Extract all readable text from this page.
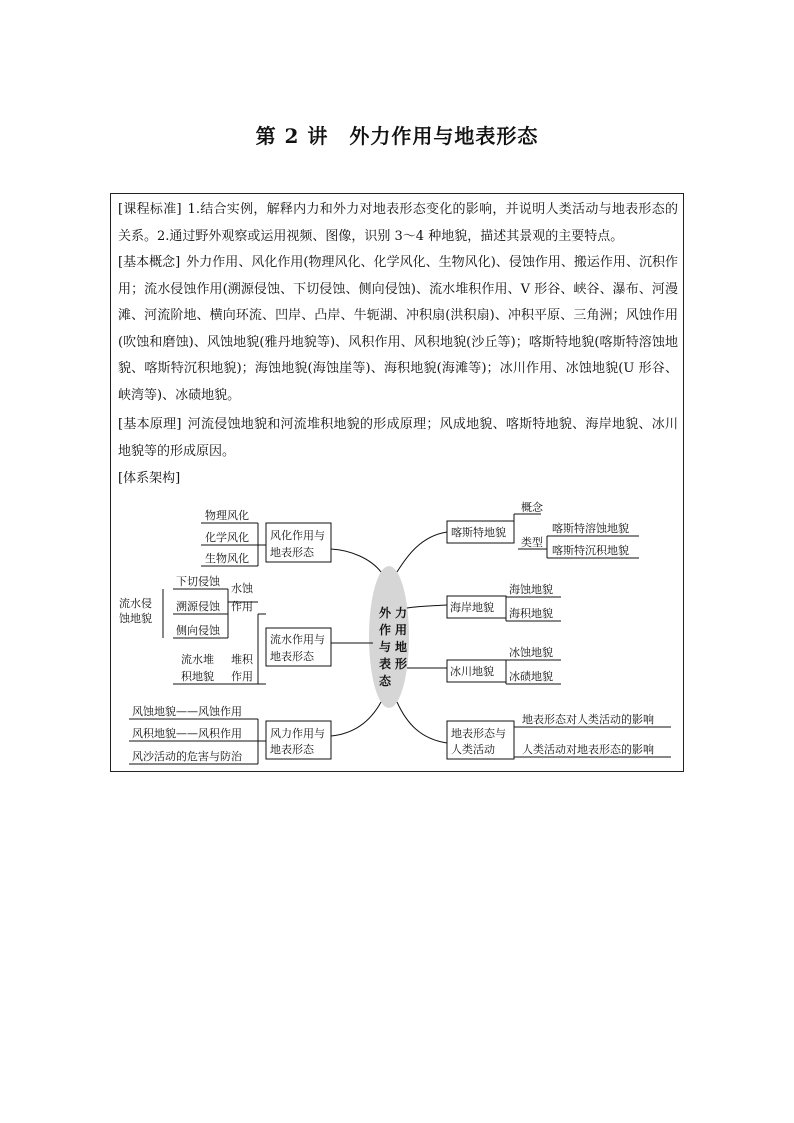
第 2 讲　外力作用与地表形态
[课程标准] 1.结合实例，解释内力和外力对地表形态变化的影响，并说明人类活动与地表形态的关系。2.通过野外观察或运用视频、图像，识别 3～4 种地貌，描述其景观的主要特点。
[基本概念] 外力作用、风化作用(物理风化、化学风化、生物风化)、侵蚀作用、搬运作用、沉积作用；流水侵蚀作用(溯源侵蚀、下切侵蚀、侧向侵蚀)、流水堆积作用、V 形谷、峡谷、瀑布、河漫滩、河流阶地、横向环流、凹岸、凸岸、牛轭湖、冲积扇(洪积扇)、冲积平原、三角洲；风蚀作用(吹蚀和磨蚀)、风蚀地貌(雅丹地貌等)、风积作用、风积地貌(沙丘等)；喀斯特地貌(喀斯特溶蚀地貌、喀斯特沉积地貌)；海蚀地貌(海蚀崖等)、海积地貌(海滩等)；冰川作用、冰蚀地貌(U 形谷、峡湾等)、冰碛地貌。
[基本原理] 河流侵蚀地貌和河流堆积地貌的形成原理；风成地貌、喀斯特地貌、海岸地貌、冰川地貌等的形成原因。
[体系架构]
力
外
用
作
地
与
形
表
态
风化作用与
地表形态
物理风化
化学风化
生物风化
流水作用与
地表形态
下切侵蚀
溯源侵蚀
侧向侵蚀
流水侵
蚀地貌
水蚀
作用
流水堆
积地貌
堆积
作用
风力作用与
地表形态
风蚀地貌——风蚀作用
风积地貌——风积作用
风沙活动的危害与防治
喀斯特地貌
概念
类型
喀斯特溶蚀地貌
喀斯特沉积地貌
海岸地貌
海蚀地貌
海积地貌
冰川地貌
冰蚀地貌
冰碛地貌
地表形态与
人类活动
地表形态对人类活动的影响
人类活动对地表形态的影响
